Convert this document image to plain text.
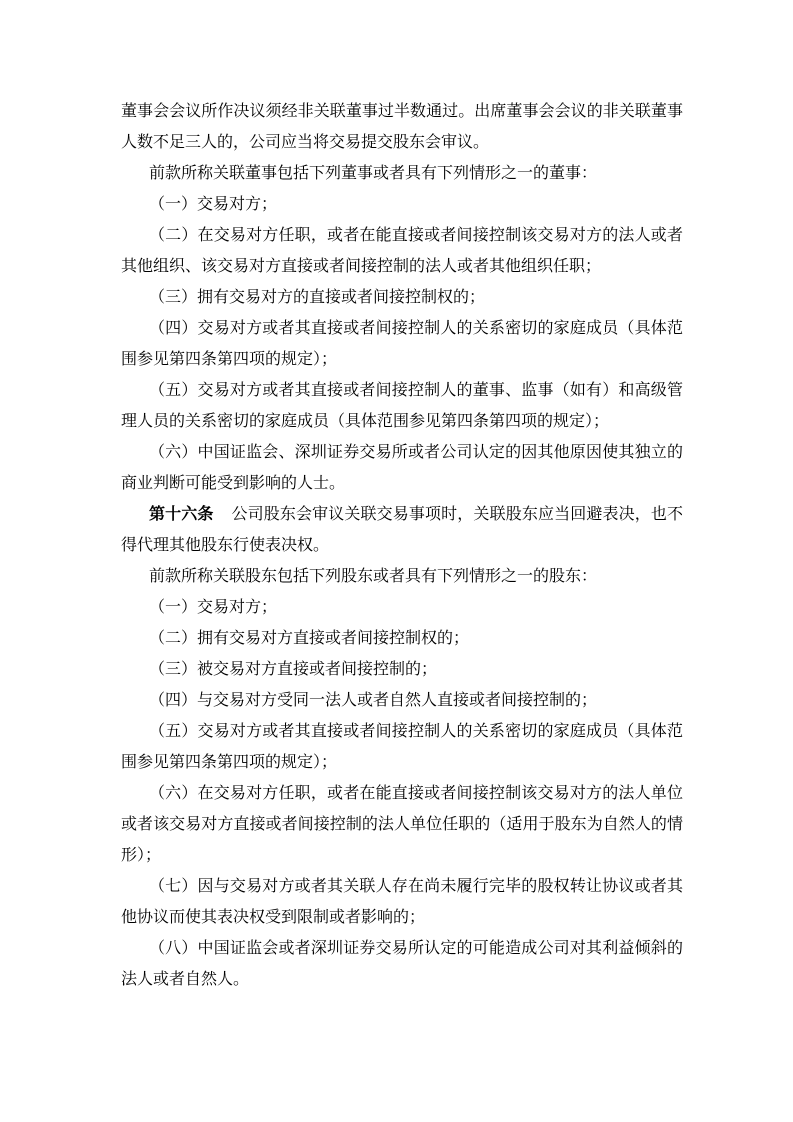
董事会会议所作决议须经非关联董事过半数通过。出席董事会会议的非关联董事人数不足三人的，公司应当将交易提交股东会审议。

前款所称关联董事包括下列董事或者具有下列情形之一的董事：

（一）交易对方；

（二）在交易对方任职，或者在能直接或者间接控制该交易对方的法人或者其他组织、该交易对方直接或者间接控制的法人或者其他组织任职；

（三）拥有交易对方的直接或者间接控制权的；

（四）交易对方或者其直接或者间接控制人的关系密切的家庭成员（具体范围参见第四条第四项的规定）；

（五）交易对方或者其直接或者间接控制人的董事、监事（如有）和高级管理人员的关系密切的家庭成员（具体范围参见第四条第四项的规定）；

（六）中国证监会、深圳证券交易所或者公司认定的因其他原因使其独立的商业判断可能受到影响的人士。

第十六条 公司股东会审议关联交易事项时，关联股东应当回避表决，也不得代理其他股东行使表决权。

前款所称关联股东包括下列股东或者具有下列情形之一的股东：

（一）交易对方；

（二）拥有交易对方直接或者间接控制权的；

（三）被交易对方直接或者间接控制的；

（四）与交易对方受同一法人或者自然人直接或者间接控制的；

（五）交易对方或者其直接或者间接控制人的关系密切的家庭成员（具体范围参见第四条第四项的规定）；

（六）在交易对方任职，或者在能直接或者间接控制该交易对方的法人单位或者该交易对方直接或者间接控制的法人单位任职的（适用于股东为自然人的情形）；

（七）因与交易对方或者其关联人存在尚未履行完毕的股权转让协议或者其他协议而使其表决权受到限制或者影响的；

（八）中国证监会或者深圳证券交易所认定的可能造成公司对其利益倾斜的法人或者自然人。
